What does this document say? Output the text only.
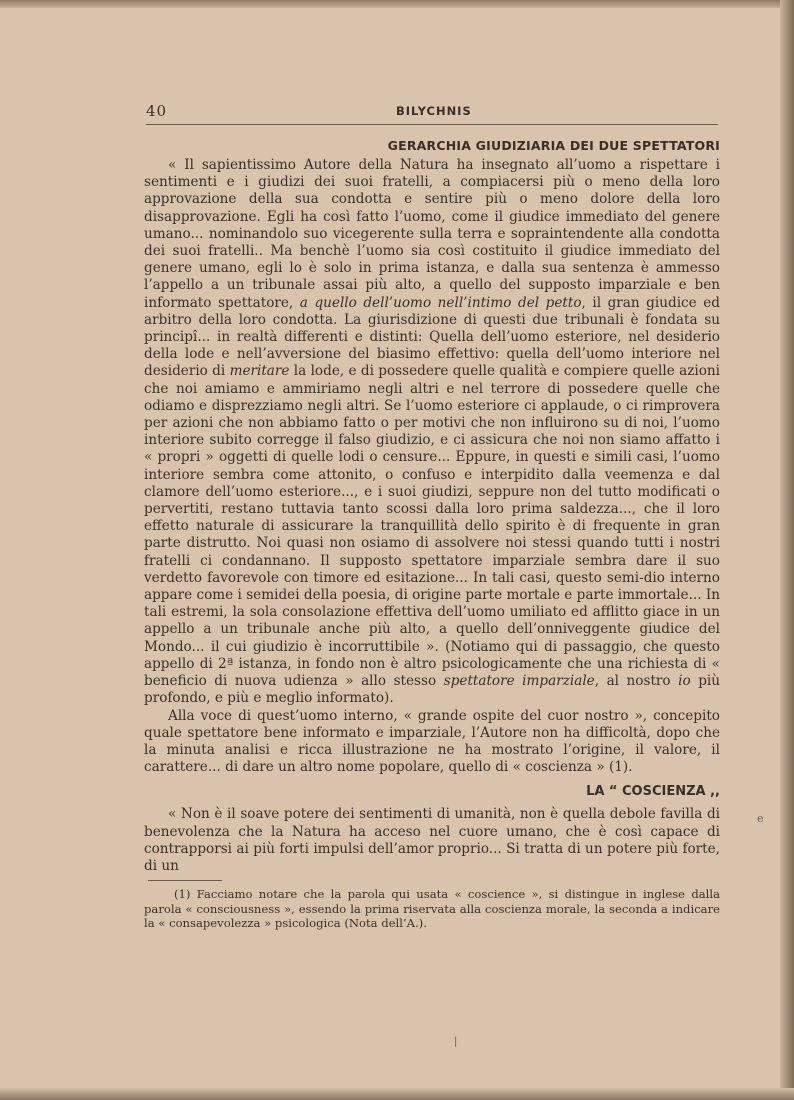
40	BILYCHNIS
GERARCHIA GIUDIZIARIA DEI DUE SPETTATORI

« Il sapientissimo Autore della Natura ha insegnato all’uomo a rispettare i sentimenti e i giudizi dei suoi fratelli, a compiacersi più o meno della loro approvazione della sua condotta e sentire più o meno dolore della loro disapprovazione. Egli ha così fatto l’uomo, come il giudice immediato del genere umano... nominandolo suo vicegerente sulla terra e sopraintendente alla condotta dei suoi fratelli.. Ma benchè l’uomo sia così costituito il giudice immediato del genere umano, egli lo è solo in prima istanza, e dalla sua sentenza è ammesso l’appello a un tribunale assai più alto, a quello del supposto imparziale e ben informato spettatore, a quello dell’uomo nell’intimo del petto, il gran giudice ed arbitro della loro condotta. La giurisdizione di questi due tribunali è fondata su principî... in realtà differenti e distinti: Quella dell’uomo esteriore, nel desiderio della lode e nell’avversione del biasimo effettivo: quella dell’uomo interiore nel desiderio di meritare la lode, e di possedere quelle qualità e compiere quelle azioni che noi amiamo e ammiriamo negli altri e nel terrore di possedere quelle che odiamo e disprezziamo negli altri. Se l’uomo esteriore ci applaude, o ci rimprovera per azioni che non abbiamo fatto o per motivi che non influirono su di noi, l’uomo interiore subito corregge il falso giudizio, e ci assicura che noi non siamo affatto i « propri » oggetti di quelle lodi o censure... Eppure, in questi e simili casi, l’uomo interiore sembra come attonito, o confuso e interpidito dalla veemenza e dal clamore dell’uomo esteriore..., e i suoi giudizi, seppure non del tutto modificati o pervertiti, restano tuttavia tanto scossi dalla loro prima saldezza..., che il loro effetto naturale di assicurare la tranquillità dello spirito è di frequente in gran parte distrutto. Noi quasi non osiamo di assolvere noi stessi quando tutti i nostri fratelli ci condannano. Il supposto spettatore imparziale sembra dare il suo verdetto favorevole con timore ed esitazione... In tali casi, questo semi-dio interno appare come i semidei della poesia, di origine parte mortale e parte immortale... In tali estremi, la sola consolazione effettiva dell’uomo umiliato ed afflitto giace in un appello a un tribunale anche più alto, a quello dell’onniveggente giudice del Mondo... il cui giudizio è incorruttibile ». (Notiamo qui di passaggio, che questo appello di 2ª istanza, in fondo non è altro psicologicamente che una richiesta di « beneficio di nuova udienza » allo stesso spettatore imparziale, al nostro io più profondo, e più e meglio informato).

Alla voce di quest’uomo interno, « grande ospite del cuor nostro », concepito quale spettatore bene informato e imparziale, l’Autore non ha difficoltà, dopo che la minuta analisi e ricca illustrazione ne ha mostrato l’origine, il valore, il carattere... di dare un altro nome popolare, quello di « coscienza » (1).

LA “ COSCIENZA ,,

« Non è il soave potere dei sentimenti di umanità, non è quella debole favilla di benevolenza che la Natura ha acceso nel cuore umano, che è così capace di contrapporsi ai più forti impulsi dell’amor proprio... Si tratta di un potere più forte, di un

(1) Facciamo notare che la parola qui usata « coscience », si distingue in inglese dalla parola « consciousness », essendo la prima riservata alla coscienza morale, la seconda a indicare la « consapevolezza » psicologica (Nota dell’A.).

e
|
